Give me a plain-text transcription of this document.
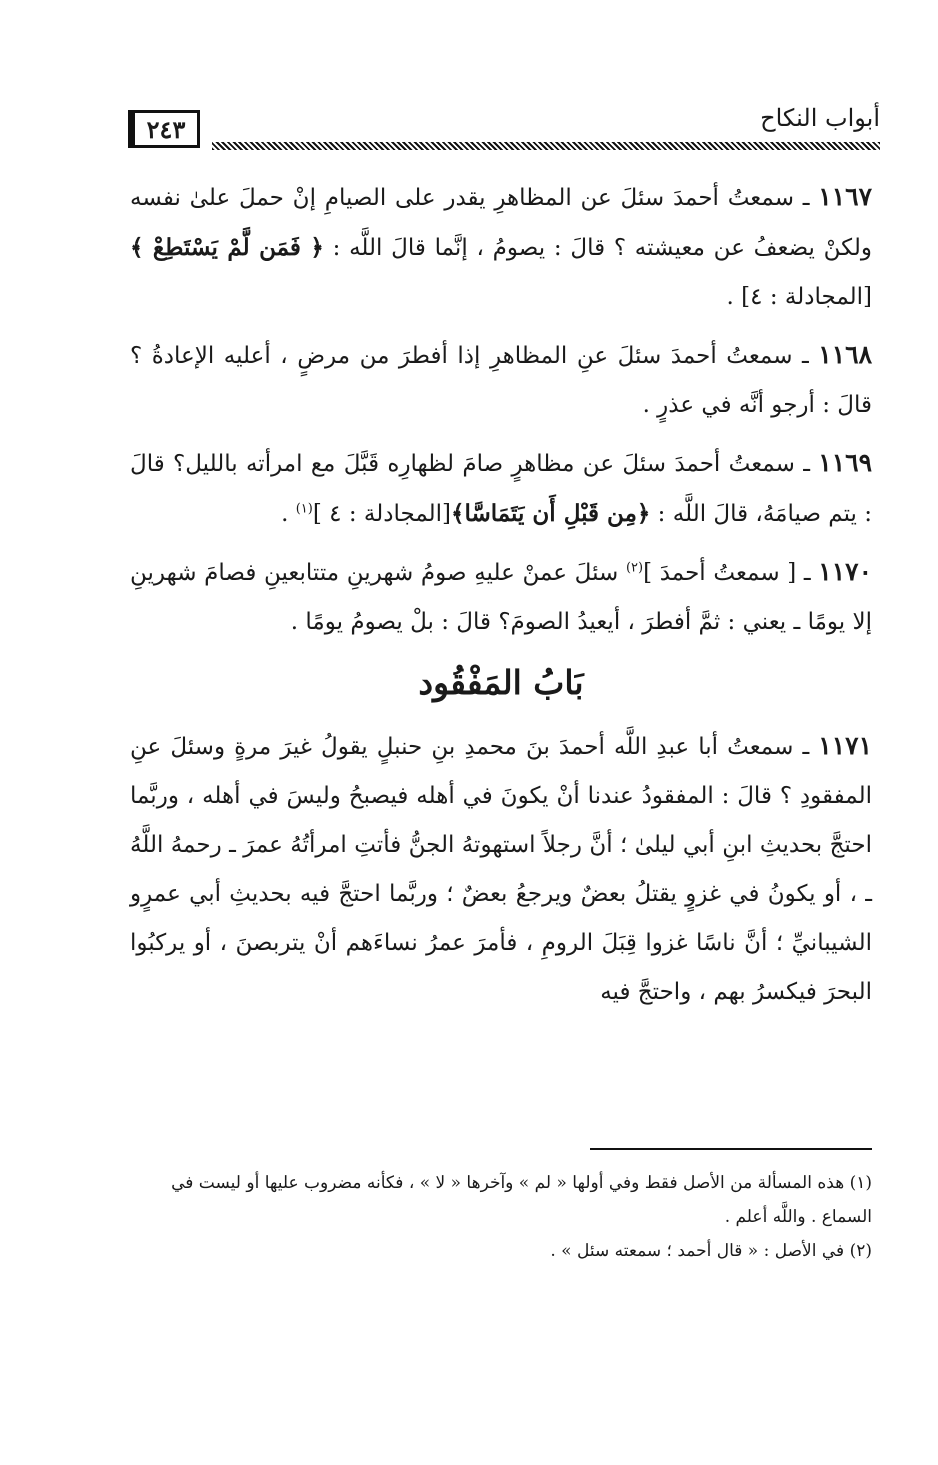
٢٤٣	أبواب النكاح

١١٦٧ ـ سمعتُ أحمدَ سئلَ عن المظاهرِ يقدر على الصيامِ إنْ حملَ علىٰ نفسه ولكنْ يضعفُ عن معيشته ؟ قالَ : يصومُ ، إنَّما قالَ اللَّه : ﴿ فَمَن لَّمْ يَسْتَطِعْ ﴾ [المجادلة : ٤] .

١١٦٨ ـ سمعتُ أحمدَ سئلَ عنِ المظاهرِ إذا أفطرَ من مرضٍ ، أعليه الإعادةُ ؟ قالَ : أرجو أنَّه في عذرٍ .

١١٦٩ ـ سمعتُ أحمدَ سئلَ عن مظاهرٍ صامَ لظهارِه قَبَّلَ مع امرأته بالليل؟ قالَ : يتم صيامَهُ، قالَ اللَّه : ﴿مِن قَبْلِ أَن يَتَمَاسَّا﴾[المجادلة : ٤ ]$^{(١)}$ .

١١٧٠ ـ [ سمعتُ أحمدَ ]$^{(٢)}$ سئلَ عمنْ عليهِ صومُ شهرينِ متتابعينِ فصامَ شهرينِ إلا يومًا ـ يعني : ثمَّ أفطرَ ، أيعيدُ الصومَ؟ قالَ : بلْ يصومُ يومًا .

بَابُ المَفْقُود

١١٧١ ـ سمعتُ أبا عبدِ اللَّه أحمدَ بنَ محمدِ بنِ حنبلٍ يقولُ غيرَ مرةٍ وسئلَ عنِ المفقودِ ؟ قالَ : المفقودُ عندنا أنْ يكونَ في أهله فيصبحُ وليسَ في أهله ، وربَّما احتجَّ بحديثِ ابنِ أبي ليلىٰ ؛ أنَّ رجلاً استهوتهُ الجنُّ فأتتِ امرأتُهُ عمرَ ـ رحمهُ اللَّهُ ـ ، أو يكونُ في غزوٍ يقتلُ بعضٌ ويرجعُ بعضٌ ؛ وربَّما احتجَّ فيه بحديثِ أبي عمرٍو الشيبانيِّ ؛ أنَّ ناسًا غزوا قِبَلَ الرومِ ، فأمرَ عمرُ نساءَهم أنْ يتربصنَ ، أو يركبُوا البحرَ فيكسرُ بهم ، واحتجَّ فيه

(١) هذه المسألة من الأصل فقط وفي أولها « لم » وآخرها « لا » ، فكأنه مضروب عليها أو ليست في السماع . واللَّه أعلم .

(٢) في الأصل : « قال أحمد ؛ سمعته سئل » .
